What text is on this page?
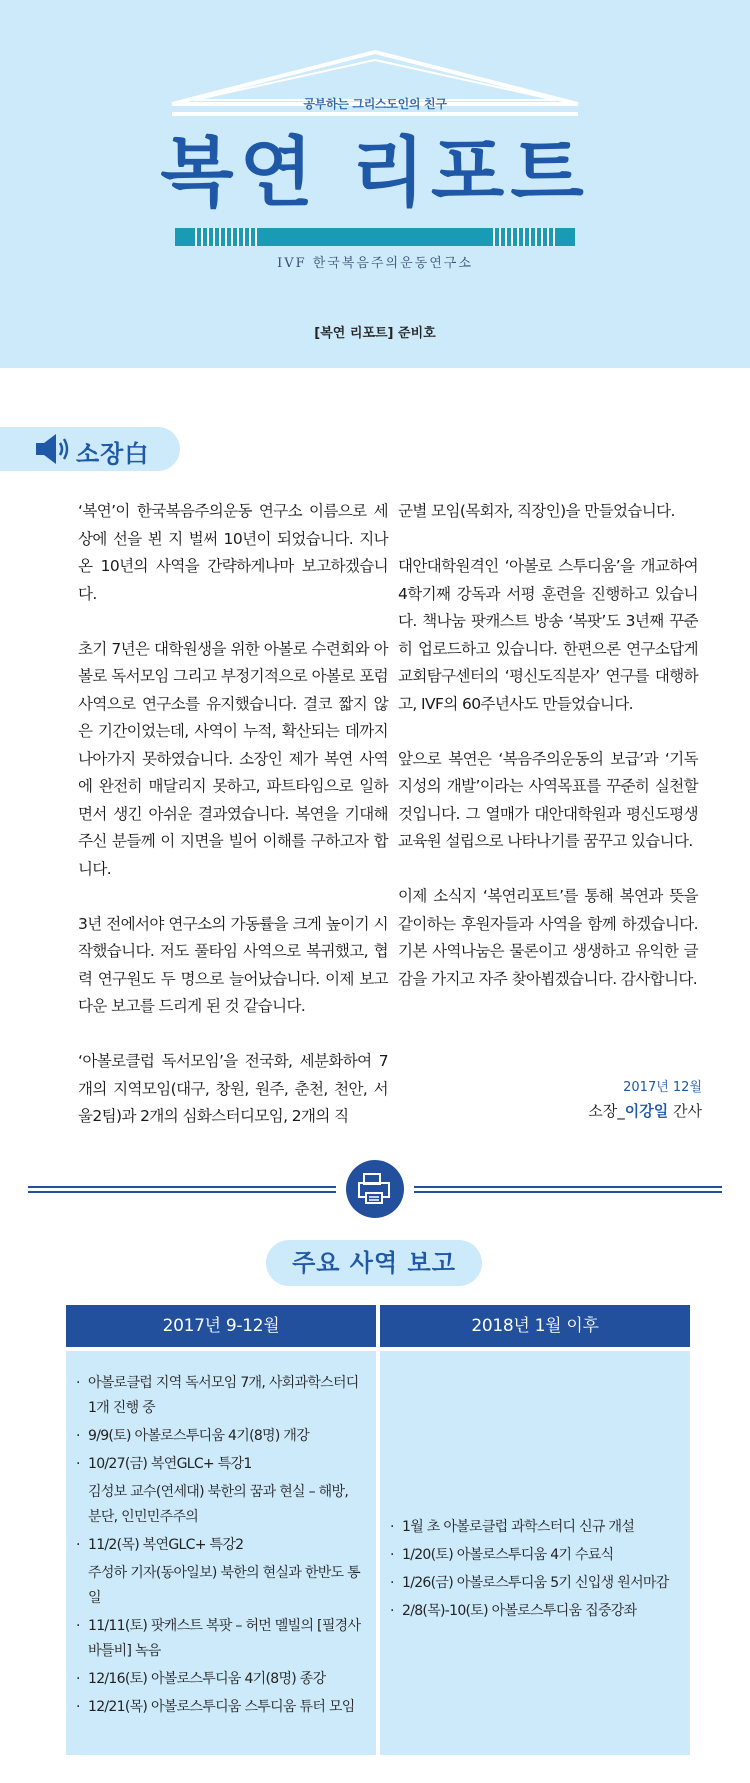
공부하는 그리스도인의 친구
복연 리포트
IVF 한국복음주의운동연구소
[복연 리포트] 준비호
소장白

‘복연’이 한국복음주의운동 연구소 이름으로 세상에 선을 뵌 지 벌써 10년이 되었습니다. 지나온 10년의 사역을 간략하게나마 보고하겠습니다.

초기 7년은 대학원생을 위한 아볼로 수련회와 아볼로 독서모임 그리고 부정기적으로 아볼로 포럼 사역으로 연구소를 유지했습니다. 결코 짧지 않은 기간이었는데, 사역이 누적, 확산되는 데까지 나아가지 못하였습니다. 소장인 제가 복연 사역에 완전히 매달리지 못하고, 파트타임으로 일하면서 생긴 아쉬운 결과였습니다. 복연을 기대해주신 분들께 이 지면을 빌어 이해를 구하고자 합니다.

3년 전에서야 연구소의 가동률을 크게 높이기 시작했습니다. 저도 풀타임 사역으로 복귀했고, 협력 연구원도 두 명으로 늘어났습니다. 이제 보고다운 보고를 드리게 된 것 같습니다.

‘아볼로클럽 독서모임’을 전국화, 세분화하여 7개의 지역모임(대구, 창원, 원주, 춘천, 천안, 서울2팀)과 2개의 심화스터디모임, 2개의 직

군별 모임(목회자, 직장인)을 만들었습니다.

대안대학원격인 ‘아볼로 스투디움’을 개교하여 4학기째 강독과 서평 훈련을 진행하고 있습니다. 책나눔 팟캐스트 방송 ‘복팟’도 3년째 꾸준히 업로드하고 있습니다. 한편으론 연구소답게 교회탐구센터의 ‘평신도직분자’ 연구를 대행하고, IVF의 60주년사도 만들었습니다.

앞으로 복연은 ‘복음주의운동의 보급’과 ‘기독지성의 개발’이라는 사역목표를 꾸준히 실천할 것입니다. 그 열매가 대안대학원과 평신도평생교육원 설립으로 나타나기를 꿈꾸고 있습니다.

이제 소식지 ‘복연리포트’를 통해 복연과 뜻을 같이하는 후원자들과 사역을 함께 하겠습니다. 기본 사역나눔은 물론이고 생생하고 유익한 글감을 가지고 자주 찾아뵙겠습니다. 감사합니다.

2017년 12월
소장_이강일 간사
주요 사역 보고
2017년 9-12월	2018년 1월 이후
· 아볼로클럽 지역 독서모임 7개, 사회과학스터디 1개 진행 중
· 9/9(토) 아볼로스투디움 4기(8명) 개강
· 10/27(금) 복연GLC+ 특강1
김성보 교수(연세대) 북한의 꿈과 현실 – 해방, 분단, 인민민주주의
· 11/2(목) 복연GLC+ 특강2
주성하 기자(동아일보) 북한의 현실과 한반도 통일
· 11/11(토) 팟캐스트 복팟 – 허먼 멜빌의 [필경사 바틀비] 녹음
· 12/16(토) 아볼로스투디움 4기(8명) 종강
· 12/21(목) 아볼로스투디움 스투디움 튜터 모임
· 1월 초 아볼로클럽 과학스터디 신규 개설
· 1/20(토) 아볼로스투디움 4기 수료식
· 1/26(금) 아볼로스투디움 5기 신입생 원서마감
· 2/8(목)-10(토) 아볼로스투디움 집중강좌
